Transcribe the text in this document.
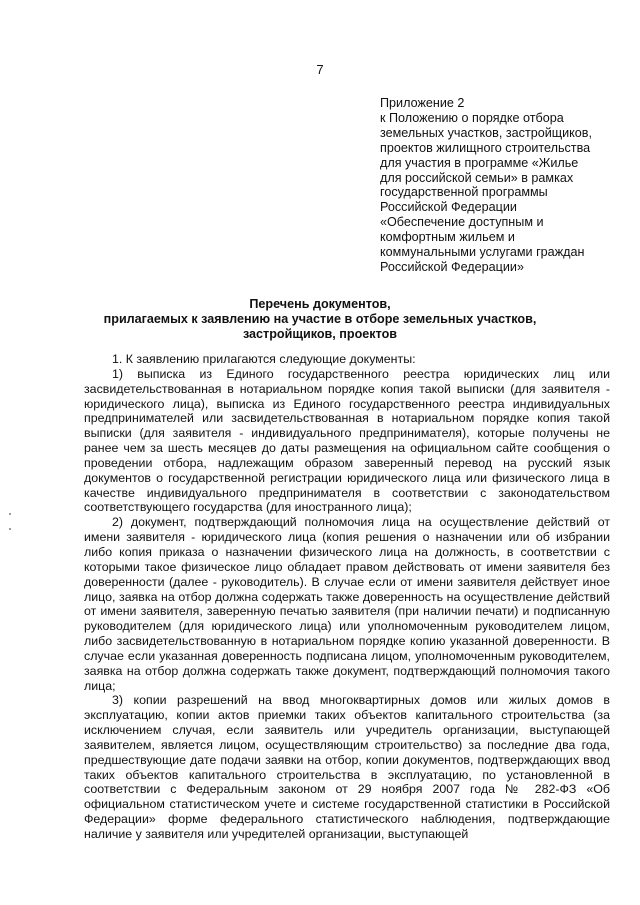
7
Приложение 2
к Положению о порядке отбора
земельных участков, застройщиков,
проектов жилищного строительства
для участия в программе «Жилье
для российской семьи» в рамках
государственной программы
Российской Федерации
«Обеспечение доступным и
комфортным жильем и
коммунальными услугами граждан
Российской Федерации»
Перечень документов,
прилагаемых к заявлению на участие в отборе земельных участков,
застройщиков, проектов

1. К заявлению прилагаются следующие документы:

1) выписка из Единого государственного реестра юридических лиц или засвидетельствованная в нотариальном порядке копия такой выписки (для заявителя - юридического лица), выписка из Единого государственного реестра индивидуальных предпринимателей или засвидетельствованная в нотариальном порядке копия такой выписки (для заявителя - индивидуального предпринимателя), которые получены не ранее чем за шесть месяцев до даты размещения на официальном сайте сообщения о проведении отбора, надлежащим образом заверенный перевод на русский язык документов о государственной регистрации юридического лица или физического лица в качестве индивидуального предпринимателя в соответствии с законодательством соответствующего государства (для иностранного лица);

2) документ, подтверждающий полномочия лица на осуществление действий от имени заявителя - юридического лица (копия решения о назначении или об избрании либо копия приказа о назначении физического лица на должность, в соответствии с которыми такое физическое лицо обладает правом действовать от имени заявителя без доверенности (далее - руководитель). В случае если от имени заявителя действует иное лицо, заявка на отбор должна содержать также доверенность на осуществление действий от имени заявителя, заверенную печатью заявителя (при наличии печати) и подписанную руководителем (для юридического лица) или уполномоченным руководителем лицом, либо засвидетельствованную в нотариальном порядке копию указанной доверенности. В случае если указанная доверенность подписана лицом, уполномоченным руководителем, заявка на отбор должна содержать также документ, подтверждающий полномочия такого лица;

3) копии разрешений на ввод многоквартирных домов или жилых домов в эксплуатацию, копии актов приемки таких объектов капитального строительства (за исключением случая, если заявитель или учредитель организации, выступающей заявителем, является лицом, осуществляющим строительство) за последние два года, предшествующие дате подачи заявки на отбор, копии документов, подтверждающих ввод таких объектов капитального строительства в эксплуатацию, по установленной в соответствии с Федеральным законом от 29 ноября 2007 года № 282-ФЗ «Об официальном статистическом учете и системе государственной статистики в Российской Федерации» форме федерального статистического наблюдения, подтверждающие наличие у заявителя или учредителей организации, выступающей
